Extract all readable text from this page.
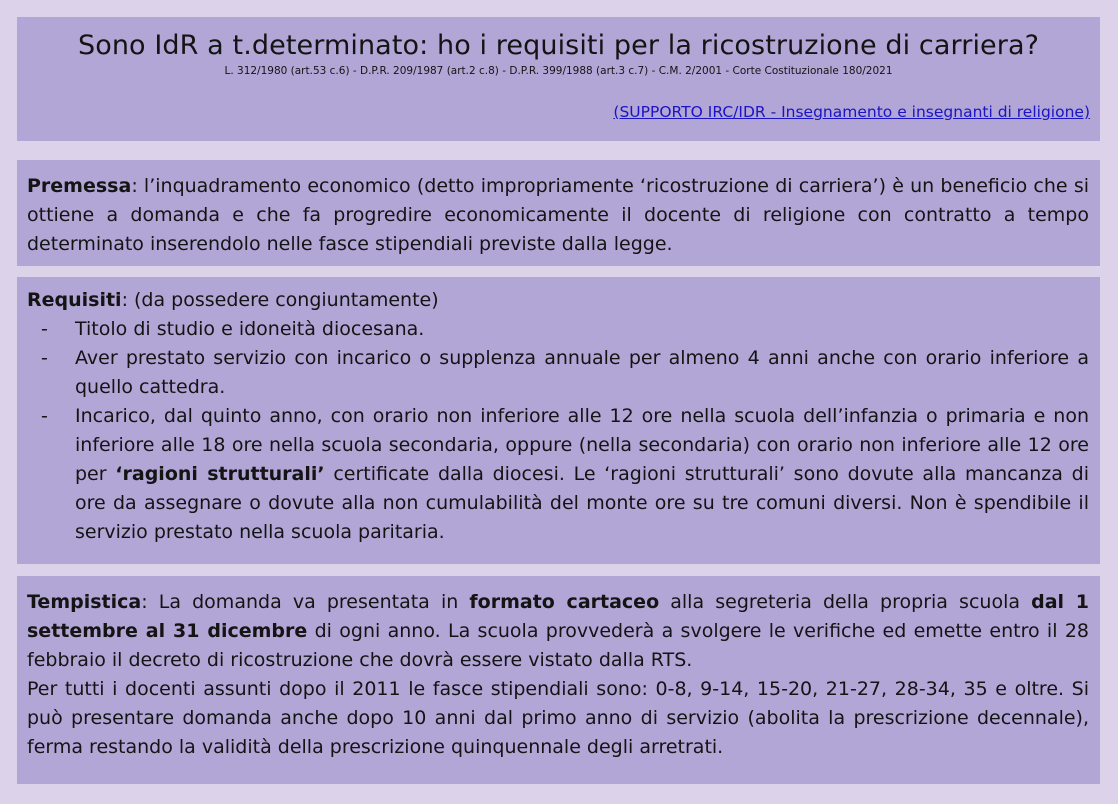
Sono IdR a t.determinato: ho i requisiti per la ricostruzione di carriera?
L. 312/1980 (art.53 c.6) - D.P.R. 209/1987 (art.2 c.8) - D.P.R. 399/1988 (art.3 c.7) - C.M. 2/2001 - Corte Costituzionale 180/2021
(SUPPORTO IRC/IDR - Insegnamento e insegnanti di religione)

Premessa: l’inquadramento economico (detto impropriamente ‘ricostruzione di carriera’) è un beneficio che si ottiene a domanda e che fa progredire economicamente il docente di religione con contratto a tempo determinato inserendolo nelle fasce stipendiali previste dalla legge.

Requisiti: (da possedere congiuntamente)

- Titolo di studio e idoneità diocesana.
- Aver prestato servizio con incarico o supplenza annuale per almeno 4 anni anche con orario inferiore a quello cattedra.
- Incarico, dal quinto anno, con orario non inferiore alle 12 ore nella scuola dell’infanzia o primaria e non inferiore alle 18 ore nella scuola secondaria, oppure (nella secondaria) con orario non inferiore alle 12 ore per ‘ragioni strutturali’ certificate dalla diocesi. Le ‘ragioni strutturali’ sono dovute alla mancanza di ore da assegnare o dovute alla non cumulabilità del monte ore su tre comuni diversi. Non è spendibile il servizio prestato nella scuola paritaria.

Tempistica: La domanda va presentata in formato cartaceo alla segreteria della propria scuola dal 1 settembre al 31 dicembre di ogni anno. La scuola provvederà a svolgere le verifiche ed emette entro il 28 febbraio il decreto di ricostruzione che dovrà essere vistato dalla RTS.

Per tutti i docenti assunti dopo il 2011 le fasce stipendiali sono: 0-8, 9-14, 15-20, 21-27, 28-34, 35 e oltre. Si può presentare domanda anche dopo 10 anni dal primo anno di servizio (abolita la prescrizione decennale), ferma restando la validità della prescrizione quinquennale degli arretrati.
